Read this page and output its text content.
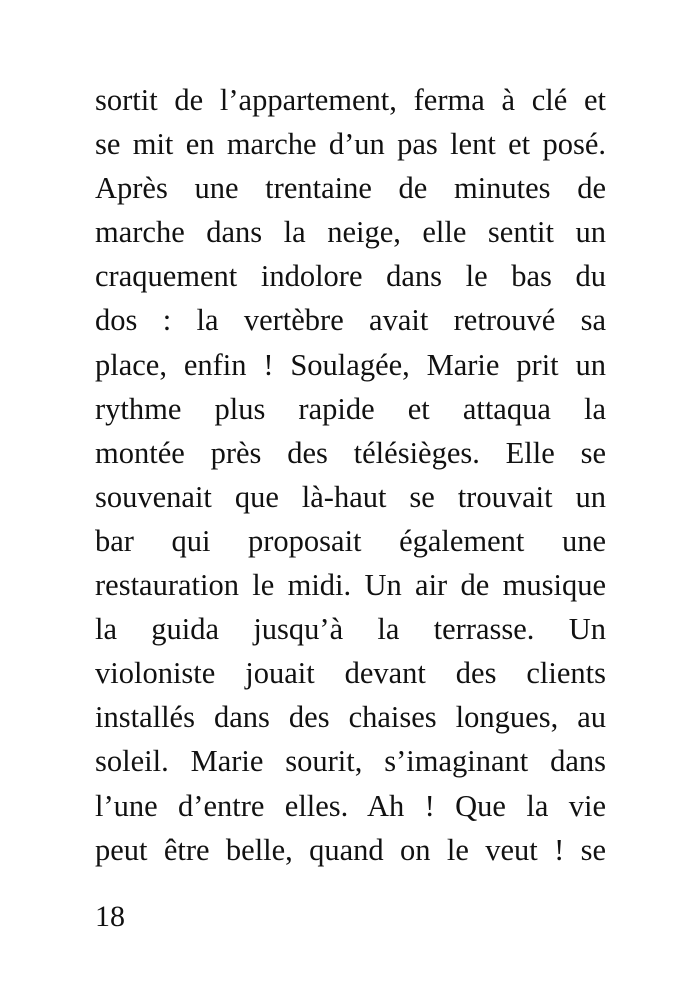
sortit de l’appartement, ferma à clé et
se mit en marche d’un pas lent et posé.
Après une trentaine de minutes de
marche dans la neige, elle sentit un
craquement indolore dans le bas du
dos : la vertèbre avait retrouvé sa
place, enfin ! Soulagée, Marie prit un
rythme plus rapide et attaqua la
montée près des télésièges. Elle se
souvenait que là-haut se trouvait un
bar qui proposait également une
restauration le midi. Un air de musique
la guida jusqu’à la terrasse. Un
violoniste jouait devant des clients
installés dans des chaises longues, au
soleil. Marie sourit, s’imaginant dans
l’une d’entre elles. Ah ! Que la vie
peut être belle, quand on le veut ! se
18
